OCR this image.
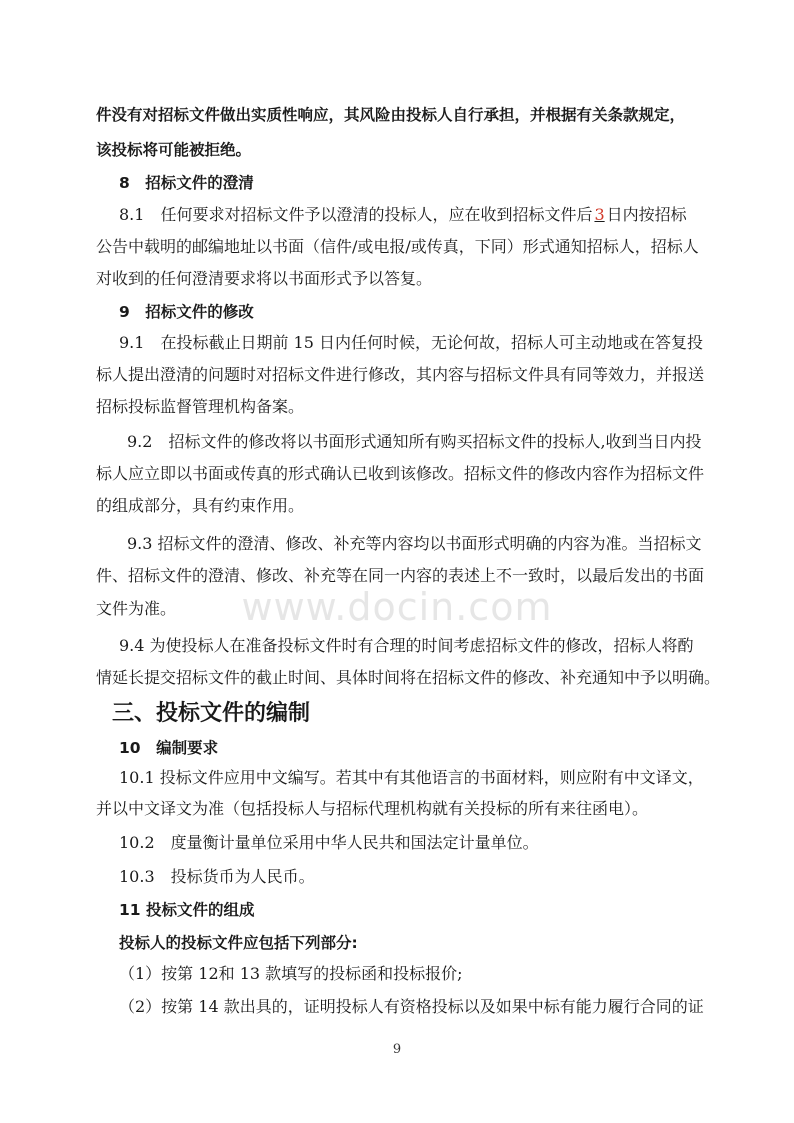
件没有对招标文件做出实质性响应，其风险由投标人自行承担，并根据有关条款规定，
该投标将可能被拒绝。
8　招标文件的澄清
8.1　任何要求对招标文件予以澄清的投标人，应在收到招标文件后 3 日内按招标
公告中载明的邮编地址以书面（信件/或电报/或传真，下同）形式通知招标人，招标人
对收到的任何澄清要求将以书面形式予以答复。
9　招标文件的修改
9.1　在投标截止日期前 15 日内任何时候，无论何故，招标人可主动地或在答复投
标人提出澄清的问题时对招标文件进行修改，其内容与招标文件具有同等效力，并报送
招标投标监督管理机构备案。
9.2　招标文件的修改将以书面形式通知所有购买招标文件的投标人,收到当日内投
标人应立即以书面或传真的形式确认已收到该修改。招标文件的修改内容作为招标文件
的组成部分，具有约束作用。
9.3 招标文件的澄清、修改、补充等内容均以书面形式明确的内容为准。当招标文
件、招标文件的澄清、修改、补充等在同一内容的表述上不一致时，以最后发出的书面
文件为准。
9.4 为使投标人在准备投标文件时有合理的时间考虑招标文件的修改，招标人将酌
情延长提交招标文件的截止时间、具体时间将在招标文件的修改、补充通知中予以明确。
三、投标文件的编制
10　编制要求
10.1 投标文件应用中文编写。若其中有其他语言的书面材料，则应附有中文译文，
并以中文译文为准（包括投标人与招标代理机构就有关投标的所有来往函电）。
10.2　度量衡计量单位采用中华人民共和国法定计量单位。
10.3　投标货币为人民币。
11 投标文件的组成
投标人的投标文件应包括下列部分:
（1）按第 12和 13 款填写的投标函和投标报价;
（2）按第 14 款出具的，证明投标人有资格投标以及如果中标有能力履行合同的证
www.docin.com
9
